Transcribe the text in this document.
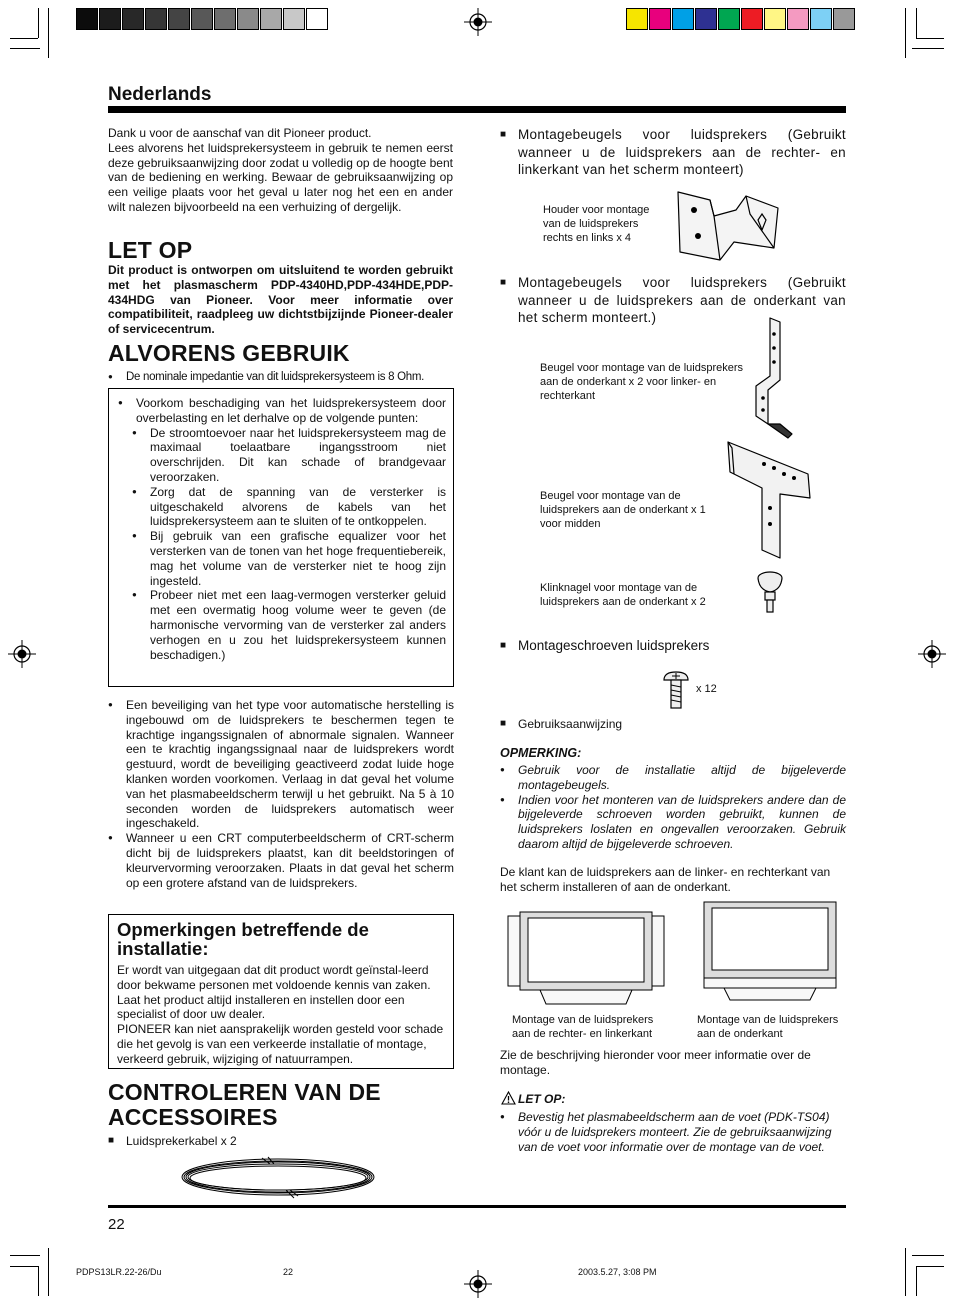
Nederlands
Dank u voor de aanschaf van dit Pioneer product.
Lees alvorens het luidsprekersysteem in gebruik te nemen eerst deze gebruiksaanwijzing door zodat u volledig op de hoogte bent van de bediening en werking. Bewaar de gebruiksaanwijzing op een veilige plaats voor het geval u later nog het een en ander wilt nalezen bijvoorbeeld na een verhuizing of dergelijk.
LET OP
Dit product is ontworpen om uitsluitend te worden gebruikt met het plasmascherm PDP-4340HD,PDP-434HDE,PDP-434HDG van Pioneer. Voor meer informatie over compatibiliteit, raadpleeg uw dichtstbijzijnde Pioneer-dealer of servicecentrum.
ALVORENS GEBRUIK
● De nominale impedantie van dit luidsprekersysteem is 8 Ohm.
● Voorkom beschadiging van het luidsprekersysteem door overbelasting en let derhalve op de volgende punten:
● De stroomtoevoer naar het luidsprekersysteem mag de maximaal toelaatbare ingangsstroom niet overschrijden. Dit kan schade of brandgevaar veroorzaken.
● Zorg dat de spanning van de versterker is uitgeschakeld alvorens de kabels van het luidsprekersysteem aan te sluiten of te ontkoppelen.
● Bij gebruik van een grafische equalizer voor het versterken van de tonen van het hoge frequentiebereik, mag het volume van de versterker niet te hoog zijn ingesteld.
● Probeer niet met een laag-vermogen versterker geluid met een overmatig hoog volume weer te geven (de harmonische vervorming van de versterker zal anders verhogen en u zou het luidsprekersysteem kunnen beschadigen.)
● Een beveiliging van het type voor automatische herstelling is ingebouwd om de luidsprekers te beschermen tegen te krachtige ingangssignalen of abnormale signalen. Wanneer een te krachtig ingangssignaal naar de luidsprekers wordt gestuurd, wordt de beveiliging geactiveerd zodat luide hoge klanken worden voorkomen. Verlaag in dat geval het volume van het plasmabeeldscherm terwijl u het gebruikt. Na 5 à 10 seconden worden de luidsprekers automatisch weer ingeschakeld.
● Wanneer u een CRT computerbeeldscherm of CRT-scherm dicht bij de luidsprekers plaatst, kan dit beeldstoringen of kleurvervorming veroorzaken. Plaats in dat geval het scherm op een grotere afstand van de luidsprekers.
Opmerkingen betreffende de installatie:
Er wordt van uitgegaan dat dit product wordt geïnstal-leerd door bekwame personen met voldoende kennis van zaken. Laat het product altijd installeren en instellen door een specialist of door uw dealer.
PIONEER kan niet aansprakelijk worden gesteld voor schade die het gevolg is van een verkeerde installatie of montage, verkeerd gebruik, wijziging of natuurrampen.
CONTROLEREN VAN DE ACCESSOIRES
■ Luidsprekerkabel x 2
■ Montagebeugels voor luidsprekers (Gebruikt wanneer u de luidsprekers aan de rechter- en linkerkant van het scherm monteert)
Houder voor montage van de luidsprekers rechts en links x 4
■ Montagebeugels voor luidsprekers (Gebruikt wanneer u de luidsprekers aan de onderkant van het scherm monteert.)
Beugel voor montage van de luidsprekers aan de onderkant x 2 voor linker- en rechterkant
Beugel voor montage van de luidsprekers aan de onderkant x 1 voor midden
Klinknagel voor montage van de luidsprekers aan de onderkant x 2
■ Montageschroeven luidsprekers
x 12
■ Gebruiksaanwijzing
OPMERKING:
● Gebruik voor de installatie altijd de bijgeleverde montagebeugels.
● Indien voor het monteren van de luidsprekers andere dan de bijgeleverde schroeven worden gebruikt, kunnen de luidsprekers loslaten en ongevallen veroorzaken. Gebruik daarom altijd de bijgeleverde schroeven.
De klant kan de luidsprekers aan de linker- en rechterkant van het scherm installeren of aan de onderkant.
Montage van de luidsprekers aan de rechter- en linkerkant
Montage van de luidsprekers aan de onderkant
Zie de beschrijving hieronder voor meer informatie over de montage.
LET OP:
● Bevestig het plasmabeeldscherm aan de voet (PDK-TS04) vóór u de luidsprekers monteert. Zie de gebruiksaanwijzing van de voet voor informatie over de montage van de voet.
22
PDPS13LR.22-26/Du	22	2003.5.27, 3:08 PM
